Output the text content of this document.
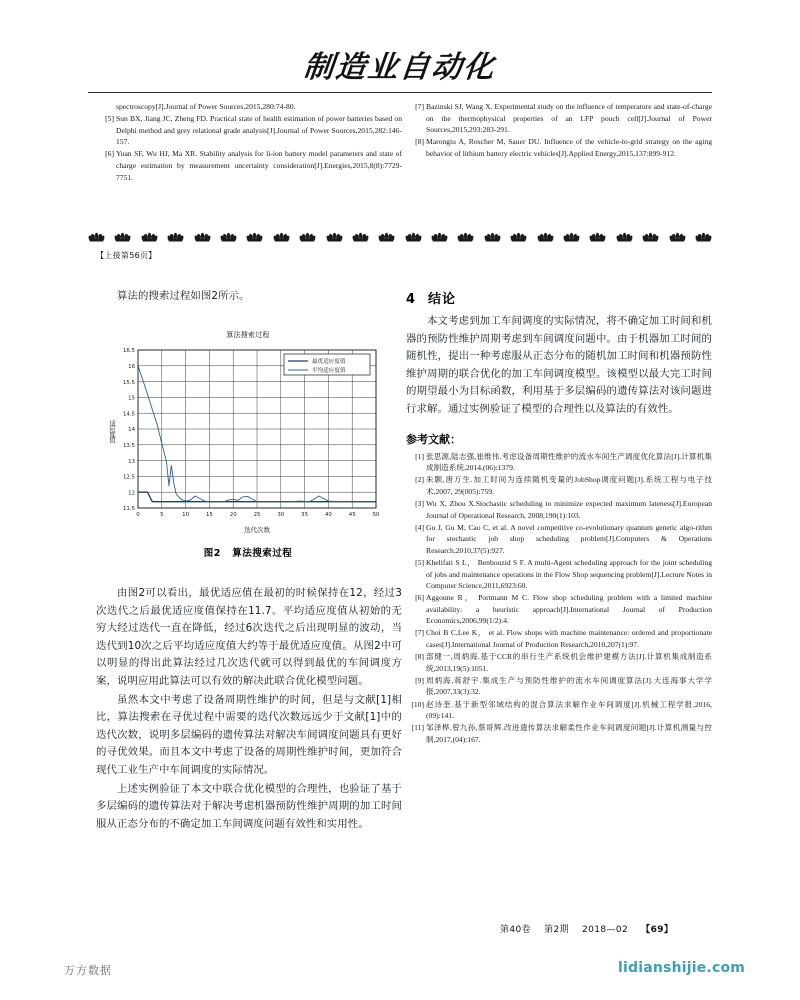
制造业自动化
spectroscopy[J].Journal of Power Sources,2015,280:74-80.
[5] Sun BX, Jiang JC, Zheng FD. Practical state of health estimation of power batteries based on Delphi method and grey relational grade analysis[J].Journal of Power Sources,2015,282:146-157.
[6] Yuan SF, Wu HJ, Ma XR. Stability analysis for li-ion battery model parameters and state of charge estimation by measurement uncertainty consideration[J].Energies,2015,8(8):7729-7751.
[7] Bazinski SJ, Wang X. Experimental study on the influence of temperature and state-of-charge on the thermophysical properties of an LFP pouch cell[J].Journal of Power Sources,2015,293:283-291.
[8] Marongiu A, Roscher M, Sauer DU. Influence of the vehicle-to-grid strategy on the aging behavior of lithium battery electric vehicles[J].Applied Energy,2015,137:899-912.
【上接第56页】

算法的搜索过程如图2所示。

算法搜索过程
适应度值
11.5
12
12.5
13
13.5
14
14.5
15
15.5
16
16.5
0	5	10	15	20	25	30	35	40	45	50
迭代次数
最优适应度值
平均适应度值
图2 算法搜索过程

由图2可以看出，最优适应值在最初的时候保持在12，经过3次迭代之后最优适应度值保持在11.7。平均适应度值从初始的无穷大经过迭代一直在降低，经过6次迭代之后出现明显的波动，当迭代到10次之后平均适应度值大约等于最优适应度值。从图2中可以明显的得出此算法经过几次迭代就可以得到最优的车间调度方案，说明应用此算法可以有效的解决此联合优化模型问题。

虽然本文中考虑了设备周期性维护的时间，但是与文献[1]相比，算法搜索在寻优过程中需要的迭代次数远远少于文献[1]中的迭代次数，说明多层编码的遗传算法对解决车间调度问题具有更好的寻优效果。而且本文中考虑了设备的周期性维护时间，更加符合现代工业生产中车间调度的实际情况。

上述实例验证了本文中联合优化模型的合理性，也验证了基于多层编码的遗传算法对于解决考虑机器预防性维护周期的加工时间服从正态分布的不确定加工车间调度问题有效性和实用性。

4 结论

本文考虑到加工车间调度的实际情况，将不确定加工时间和机器的预防性维护周期考虑到车间调度问题中。由于机器加工时间的随机性，提出一种考虑服从正态分布的随机加工时间和机器预防性维护周期的联合优化的加工车间调度模型。该模型以最大完工时间的期望最小为目标函数，利用基于多层编码的遗传算法对该问题进行求解。通过实例验证了模型的合理性以及算法的有效性。

参考文献：
[1] 张思源,陆志强,崔维伟.考虑设备周期性维护的流水车间生产调度优化算法[J].计算机集成制造系统,2014,(06):1379.
[2] 朱颢,唐万生.加工时间为连续随机变量的JobShop调度问题[J].系统工程与电子技术,2007, 29(005):759.
[3] Wu X, Zhou X.Stochastic scheduling to minimize expected maximum lateness[J].European Journal of Operational Research, 2008,190(1):103.
[4] Gu J, Gu M, Cao C, et al. A novel competitive co-evolutionary quantum genetic algo-rithm for stochastic job shop scheduling problem[J].Computers & Operations Research,2010,37(5):927.
[5] Khelifati S L， Benbouzid S F. A multi-Agent scheduling approach for the joint scheduling of jobs and maintenance operations in the Flow Shop sequencing problem[J].Lecture Notes in Computer Science,2011,6923:60.
[6] Aggoune R， Portmann M C. Flow shop scheduling problem with a limited machine availability: a heuristic approach[J].International Journal of Production Economics,2006,99(1/2):4.
[7] Choi B C,Lee K， et al. Flow shops with machine maintenance: ordered and proportionate cases[J].International Journal of Production Research,2010,207(1):97.
[8] 部健一,周炳海.基于CCR的串行生产系统机会维护建模方法[J].计算机集成制造系统,2013,19(5):1051.
[9] 周炳海,蒋舒宇.集成生产与预防性维护的流水车间调度算法[J].大连海事大学学报,2007,33(3):32.
[10] 赵诗奎.基于新型邻域结构的混合算法求解作业车间调度[J].机械工程学报,2016,(09):141.
[11] 邹泽桦,曾九孙,蔡哥辉.改进遗传算法求解柔性作业车间调度问题[J].计算机测量与控制,2017,(04):167.
第40卷 第2期 2018—02 【69】
万方数据	lidianshijie.com
